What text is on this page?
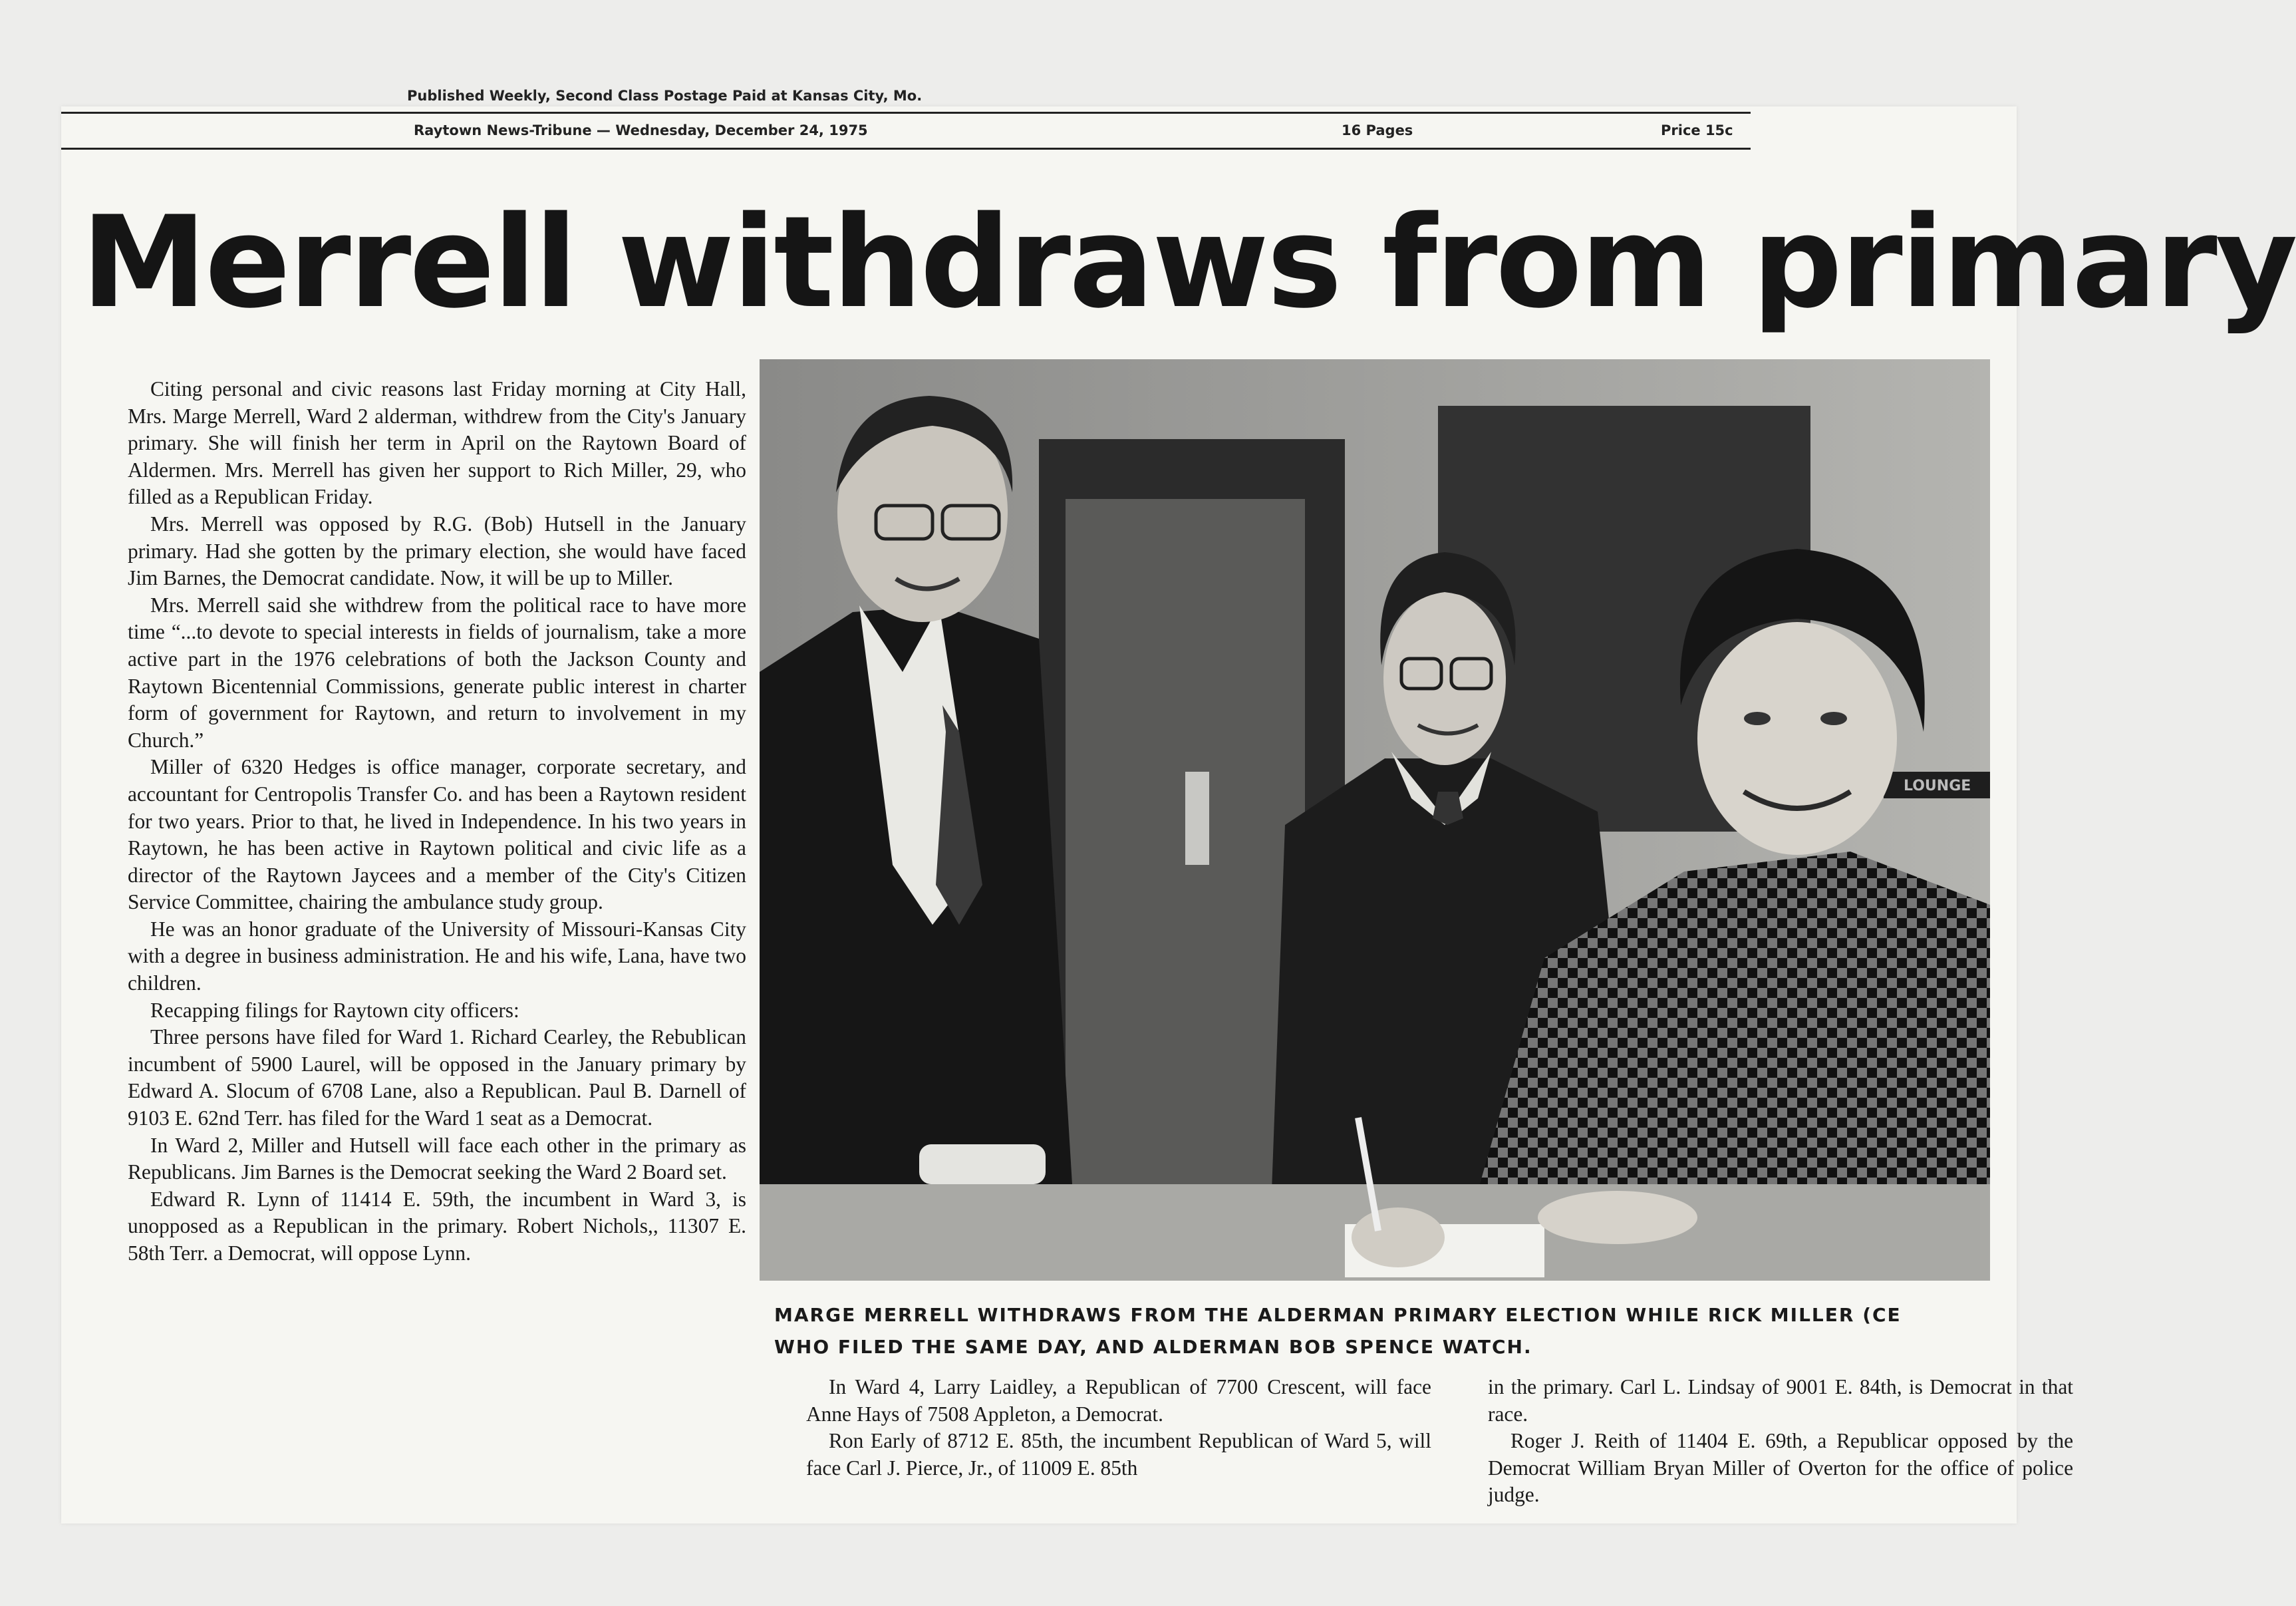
Published Weekly, Second Class Postage Paid at Kansas City, Mo.
Raytown News-Tribune — Wednesday, December 24, 1975	16 Pages	Price 15c
Merrell withdraws from primary

Citing personal and civic reasons last Friday morning at City Hall, Mrs. Marge Merrell, Ward 2 alderman, withdrew from the City's January primary. She will finish her term in April on the Raytown Board of Aldermen. Mrs. Merrell has given her support to Rich Miller, 29, who filled as a Republican Friday.

Mrs. Merrell was opposed by R.G. (Bob) Hutsell in the January primary. Had she gotten by the primary election, she would have faced Jim Barnes, the Democrat candidate. Now, it will be up to Miller.

Mrs. Merrell said she withdrew from the political race to have more time “...to devote to special interests in fields of journalism, take a more active part in the 1976 celebrations of both the Jackson County and Raytown Bicentennial Commissions, generate public interest in charter form of government for Raytown, and return to involvement in my Church.”

Miller of 6320 Hedges is office manager, corporate secretary, and accountant for Centropolis Transfer Co. and has been a Raytown resident for two years. Prior to that, he lived in Independence. In his two years in Raytown, he has been active in Raytown political and civic life as a director of the Raytown Jaycees and a member of the City's Citizen Service Committee, chairing the ambulance study group.

He was an honor graduate of the University of Missouri-Kansas City with a degree in business administration. He and his wife, Lana, have two children.

Recapping filings for Raytown city officers:

Three persons have filed for Ward 1. Richard Cearley, the Rebublican incumbent of 5900 Laurel, will be opposed in the January primary by Edward A. Slocum of 6708 Lane, also a Republican. Paul B. Darnell of 9103 E. 62nd Terr. has filed for the Ward 1 seat as a Democrat.

In Ward 2, Miller and Hutsell will face each other in the primary as Republicans. Jim Barnes is the Democrat seeking the Ward 2 Board set.

Edward R. Lynn of 11414 E. 59th, the incumbent in Ward 3, is unopposed as a Republican in the primary. Robert Nichols,, 11307 E. 58th Terr. a Democrat, will oppose Lynn.

LOUNGE
MARGE MERRELL WITHDRAWS FROM THE ALDERMAN PRIMARY ELECTION WHILE RICK MILLER (CE
WHO FILED THE SAME DAY, AND ALDERMAN BOB SPENCE WATCH.

In Ward 4, Larry Laidley, a Republican of 7700 Crescent, will face Anne Hays of 7508 Appleton, a Democrat.

Ron Early of 8712 E. 85th, the incumbent Republican of Ward 5, will face Carl J. Pierce, Jr., of 11009 E. 85th

in the primary. Carl L. Lindsay of 9001 E. 84th, is Democrat in that race.

Roger J. Reith of 11404 E. 69th, a Republicar opposed by the Democrat William Bryan Miller of Overton for the office of police judge.
